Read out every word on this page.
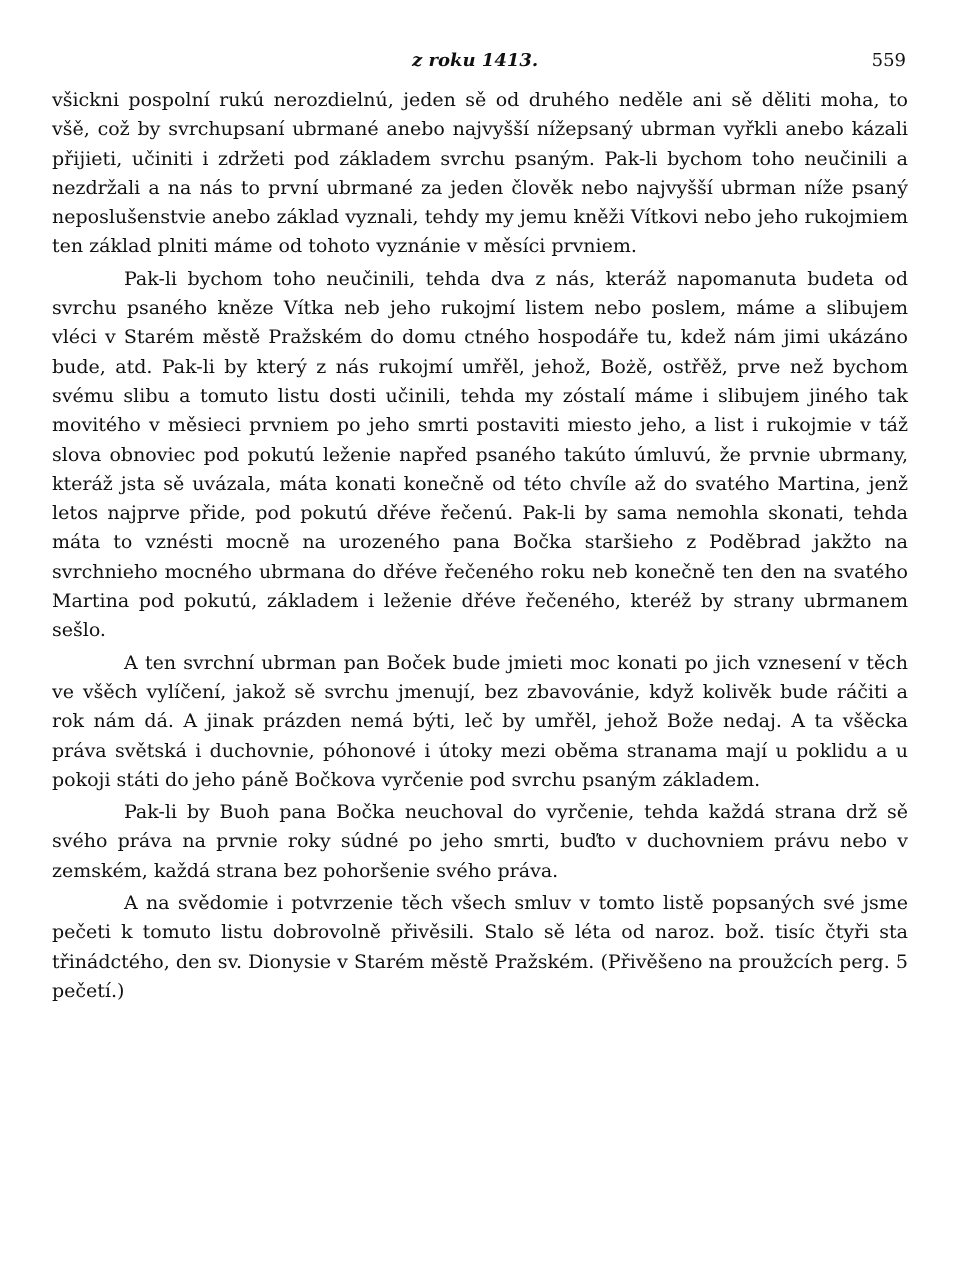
z roku 1413.	559

všickni pospolní rukú nerozdielnú, jeden sě od druhého neděle ani sě děliti moha, to všě, což by svrchupsaní ubrmané anebo najvyšší nížepsaný ubrman vyřkli anebo kázali přijieti, učiniti i zdržeti pod základem svrchu psaným. Pak-li bychom toho neučinili a nezdržali a na nás to první ubrmané za jeden člověk nebo najvyšší ubrman níže psaný neposlušenstvie anebo základ vyznali, tehdy my jemu kněži Vítkovi nebo jeho rukojmiem ten základ plniti máme od tohoto vyznánie v měsíci prvniem.

Pak-li bychom toho neučinili, tehda dva z nás, kteráž napomanuta budeta od svrchu psaného kněze Vítka neb jeho rukojmí listem nebo poslem, máme a slibujem vléci v Starém městě Pražském do domu ctného hospodáře tu, kdež nám jimi ukázáno bude, atd. Pak-li by který z nás rukojmí umřěl, jehož, Bożě, ostřěž, prve než bychom svému slibu a tomuto listu dosti učinili, tehda my zóstalí máme i slibujem jiného tak movitého v měsieci prvniem po jeho smrti postaviti miesto jeho, a list i rukojmie v táž slova obnoviec pod pokutú leženie napřed psaného takúto úmluvú, že prvnie ubrmany, kteráž jsta sě uvázala, máta konati konečně od této chvíle až do svatého Martina, jenž letos najprve přide, pod pokutú dřéve řečenú. Pak-li by sama nemohla skonati, tehda máta to vznésti mocně na urozeného pana Bočka staršieho z Poděbrad jakžto na svrchnieho mocného ubrmana do dřéve řečeného roku neb konečně ten den na svatého Martina pod pokutú, základem i leženie dřéve řečeného, kteréž by strany ubrmanem sešlo.

A ten svrchní ubrman pan Boček bude jmieti moc konati po jich vznesení v těch ve všěch vylíčení, jakož sě svrchu jmenují, bez zbavovánie, když kolivěk bude ráčiti a rok nám dá. A jinak prázden nemá býti, leč by umřěl, jehož Bože nedaj. A ta všěcka práva světská i duchovnie, póhonové i útoky mezi oběma stranama mají u poklidu a u pokoji státi do jeho páně Bočkova vyrčenie pod svrchu psaným základem.

Pak-li by Buoh pana Bočka neuchoval do vyrčenie, tehda každá strana drž sě svého práva na prvnie roky súdné po jeho smrti, buďto v duchovniem právu nebo v zemském, každá strana bez pohoršenie svého práva.

A na svědomie i potvrzenie těch všech smluv v tomto listě popsaných své jsme pečeti k tomuto listu dobrovolně přivěsili. Stalo sě léta od naroz. bož. tisíc čtyři sta třinádctého, den sv. Dionysie v Starém městě Pražském. (Přivěšeno na proužcích perg. 5 pečetí.)
